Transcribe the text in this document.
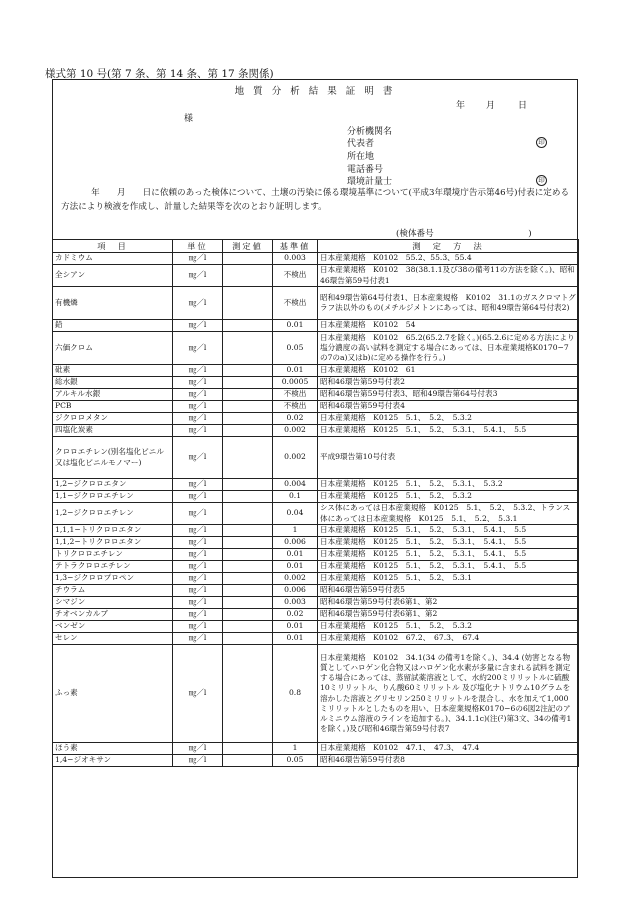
様式第 10 号(第 7 条、第 14 条、第 17 条関係)
地 質 分 析 結 果 証 明 書
年 月	日
様
分析機関名
代表者	印
所在地
電話番号
環境計量士	印
年　　月　　日に依頼のあった検体について、土壌の汚染に係る環境基準について(平成3年環境庁告示第46号)付表に定める方法により検液を作成し、計量した結果等を次のとおり証明します。
(検体番号　　　　　　　　　　　)
項　目	単位	測定値	基準値	測　定　方　法
カドミウム	㎎／l		0.003	日本産業規格　K0102　55.2、55.3、55.4
全シアン	㎎／l		不検出	日本産業規格　K0102　38(38.1.1及び38の備考11の方法を除く。)、昭和46環告第59号付表1
有機燐	㎎／l		不検出	昭和49環告第64号付表1、日本産業規格　K0102　31.1のガスクロマトグラフ法以外のもの(メチルジメトンにあっては、昭和49環告第64号付表2)
鉛	㎎／l		0.01	日本産業規格　K0102　54
六価クロム	㎎／l		0.05	日本産業規格　K0102　65.2(65.2.7を除く。)(65.2.6に定める方法により塩分濃度の高い試料を測定する場合にあっては、日本産業規格K0170−7の7のa)又はb)に定める操作を行う。)
砒素	㎎／l		0.01	日本産業規格　K0102　61
総水銀	㎎／l		0.0005	昭和46環告第59号付表2
アルキル水銀	㎎／l		不検出	昭和46環告第59号付表3、昭和49環告第64号付表3
PCB	㎎／l		不検出	昭和46環告第59号付表4
ジクロロメタン	㎎／l		0.02	日本産業規格　K0125　5.1、　5.2、　5.3.2
四塩化炭素	㎎／l		0.002	日本産業規格　K0125　5.1、　5.2、　5.3.1、　5.4.1、　5.5
クロロエチレン(別名塩化ビニル又は塩化ビニルモノマー)	㎎／l		0.002	平成9環告第10号付表
1,2−ジクロロエタン	㎎／l		0.004	日本産業規格　K0125　5.1、　5.2、　5.3.1、　5.3.2
1,1−ジクロロエチレン	㎎／l		0.1	日本産業規格　K0125　5.1、　5.2、　5.3.2
1,2−ジクロロエチレン	㎎／l		0.04	シス体にあっては日本産業規格　K0125　5.1、　5.2、　5.3.2、トランス体にあっては日本産業規格　K0125　5.1、　5.2、　5.3.1
1,1,1−トリクロロエタン	㎎／l		1	日本産業規格　K0125　5.1、　5.2、　5.3.1、　5.4.1、　5.5
1,1,2−トリクロロエタン	㎎／l		0.006	日本産業規格　K0125　5.1、　5.2、　5.3.1、　5.4.1、　5.5
トリクロロエチレン	㎎／l		0.01	日本産業規格　K0125　5.1、　5.2、　5.3.1、　5.4.1、　5.5
テトラクロロエチレン	㎎／l		0.01	日本産業規格　K0125　5.1、　5.2、　5.3.1、　5.4.1、　5.5
1,3−ジクロロプロペン	㎎／l		0.002	日本産業規格　K0125　5.1、　5.2、　5.3.1
チウラム	㎎／l		0.006	昭和46環告第59号付表5
シマジン	㎎／l		0.003	昭和46環告第59号付表6第1、第2
チオベンカルブ	㎎／l		0.02	昭和46環告第59号付表6第1、第2
ベンゼン	㎎／l		0.01	日本産業規格　K0125　5.1、　5.2、　5.3.2
セレン	㎎／l		0.01	日本産業規格　K0102　67.2、　67.3、　67.4
ふっ素	㎎／l		0.8	日本産業規格　K0102　34.1(34 の備考1を除く。)、34.4 (妨害となる物質としてハロゲン化合物又はハロゲン化水素が多量に含まれる試料を測定する場合にあっては、蒸留試薬溶液として、水約200ミリリットルに硫酸10ミリリットル、りん酸60ミリリットル 及び塩化ナトリウム10グラムを溶かした溶液とグリセリン250ミリリットルを混合し、水を加えて1,000ミリリットルとしたものを用い、日本産業規格K0170−6の6図2注記のアルミニウム溶液のラインを追加する。)、34.1.1c)(注(²)第3文、34の備考1を除く。)及び昭和46環告第59号付表7
ほう素	㎎／l		1	日本産業規格　K0102　47.1、　47.3、　47.4
1,4−ジオキサン	㎎／l		0.05	昭和46環告第59号付表8
